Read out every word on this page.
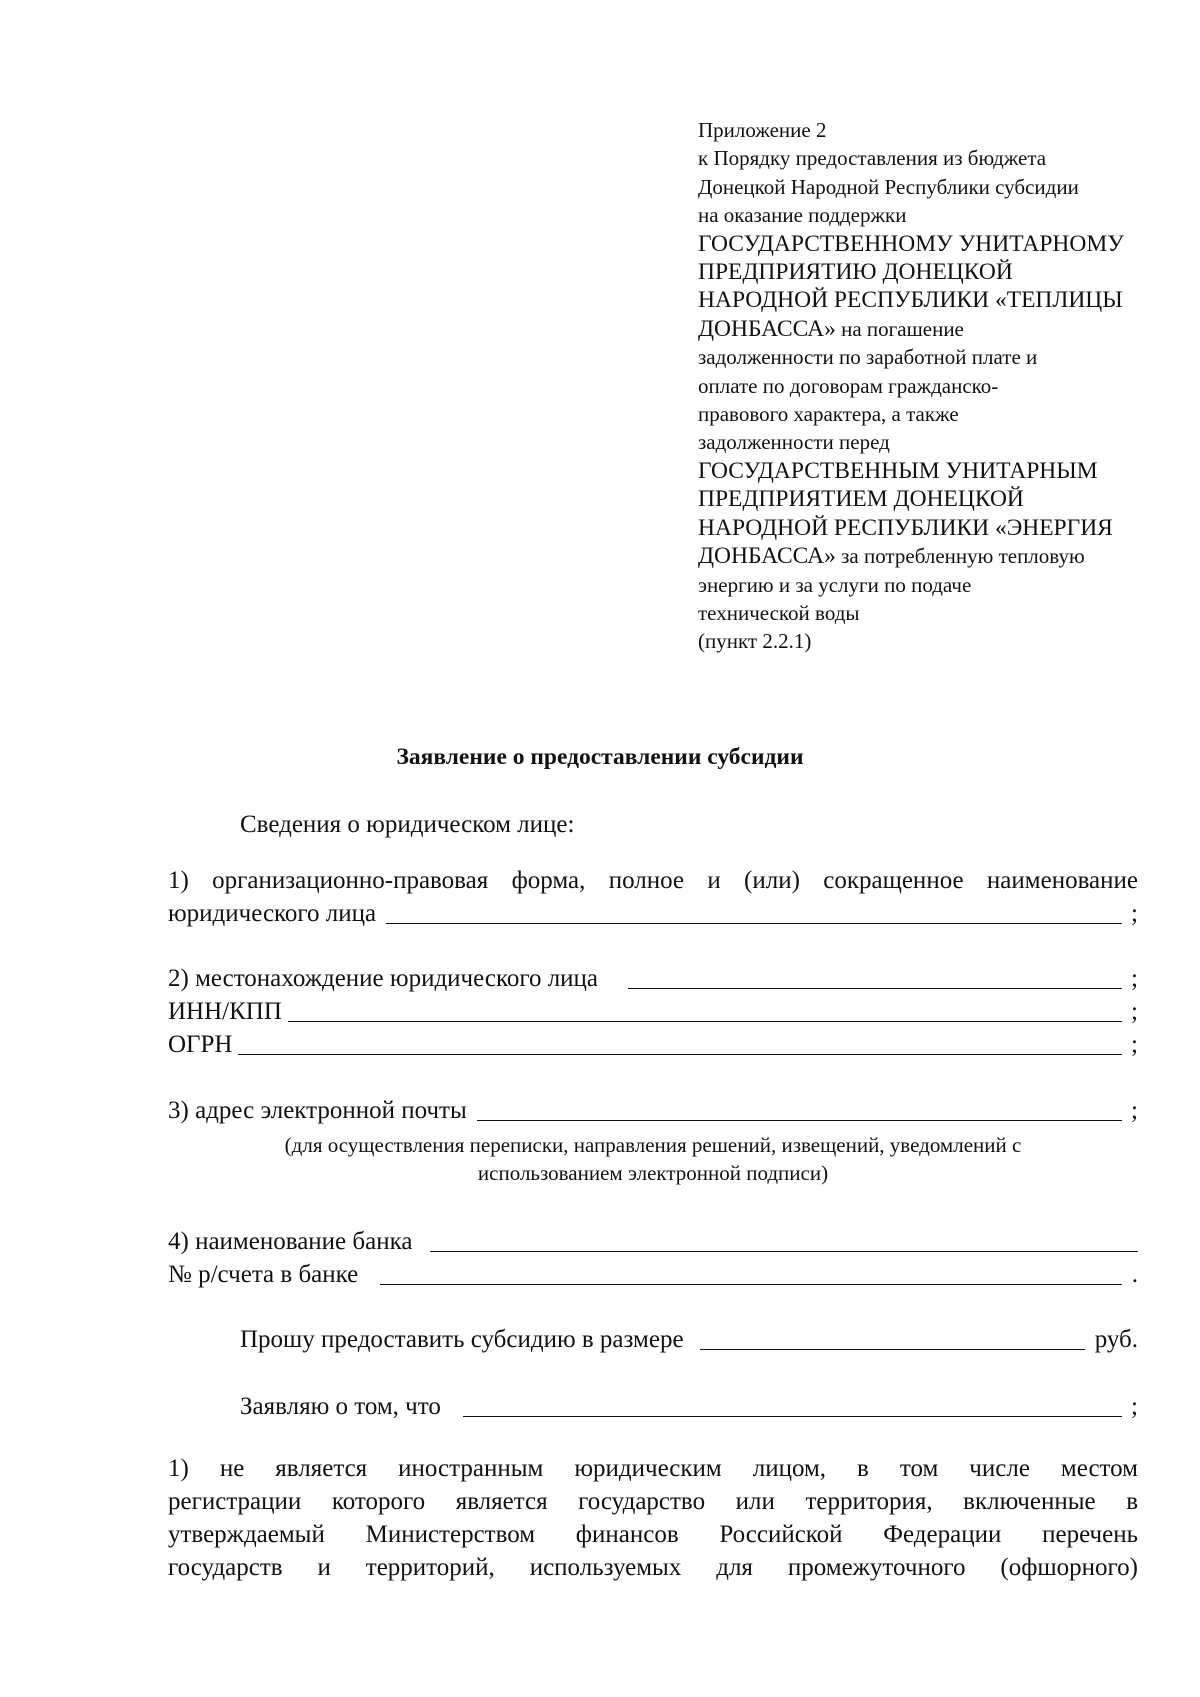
Приложение 2
к Порядку предоставления из бюджета
Донецкой Народной Республики субсидии
на оказание поддержки
ГОСУДАРСТВЕННОМУ УНИТАРНОМУ
ПРЕДПРИЯТИЮ ДОНЕЦКОЙ
НАРОДНОЙ РЕСПУБЛИКИ «ТЕПЛИЦЫ
ДОНБАССА» на погашение
задолженности по заработной плате и
оплате по договорам гражданско-
правового характера, а также
задолженности перед
ГОСУДАРСТВЕННЫМ УНИТАРНЫМ
ПРЕДПРИЯТИЕМ ДОНЕЦКОЙ
НАРОДНОЙ РЕСПУБЛИКИ «ЭНЕРГИЯ
ДОНБАССА» за потребленную тепловую
энергию и за услуги по подаче
технической воды
(пункт 2.2.1)
Заявление о предоставлении субсидии
Сведения о юридическом лице:
1) организационно-правовая форма, полное и (или) сокращенное наименование
юридического лица	;
2) местонахождение юридического лица	;
ИНН/КПП	;
ОГРН	;
3) адрес электронной почты	;
(для осуществления переписки, направления решений, извещений, уведомлений с
использованием электронной подписи)
4) наименование банка
№ р/счета в банке	.
Прошу предоставить субсидию в размере	руб.
Заявляю о том, что	;
1) не является иностранным юридическим лицом, в том числе местом
регистрации которого является государство или территория, включенные в
утверждаемый Министерством финансов Российской Федерации перечень
государств и территорий, используемых для промежуточного (офшорного)
